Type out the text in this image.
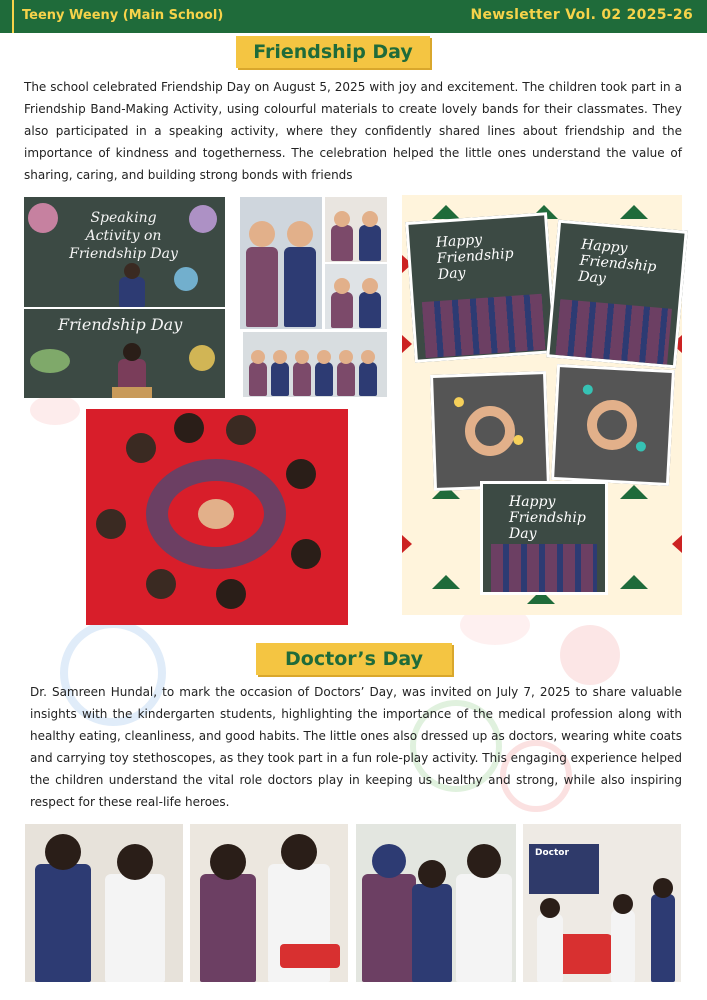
Teeny Weeny (Main School)	Newsletter Vol. 02 2025-26
Friendship Day
The school celebrated Friendship Day on August 5, 2025 with joy and excitement. The children took part in a Friendship Band-Making Activity, using colourful materials to create lovely bands for their classmates. They also participated in a speaking activity, where they confidently shared lines about friendship and the importance of kindness and togetherness. The celebration helped the little ones understand the value of sharing, caring, and building strong bonds with friends
Speaking Activity on Friendship Day
Friendship Day
Happy Friendship Day
Happy Friendship Day
Happy Friendship Day
Doctor’s Day
Dr. Samreen Hundal, to mark the occasion of Doctors’ Day, was invited on July 7, 2025 to share valuable insights with the kindergarten students, highlighting the importance of the medical profession along with healthy eating, cleanliness, and good habits. The little ones also dressed up as doctors, wearing white coats and carrying toy stethoscopes, as they took part in a fun role-play activity. This engaging experience helped the children understand the vital role doctors play in keeping us healthy and strong, while also inspiring respect for these real-life heroes.
Doctor
